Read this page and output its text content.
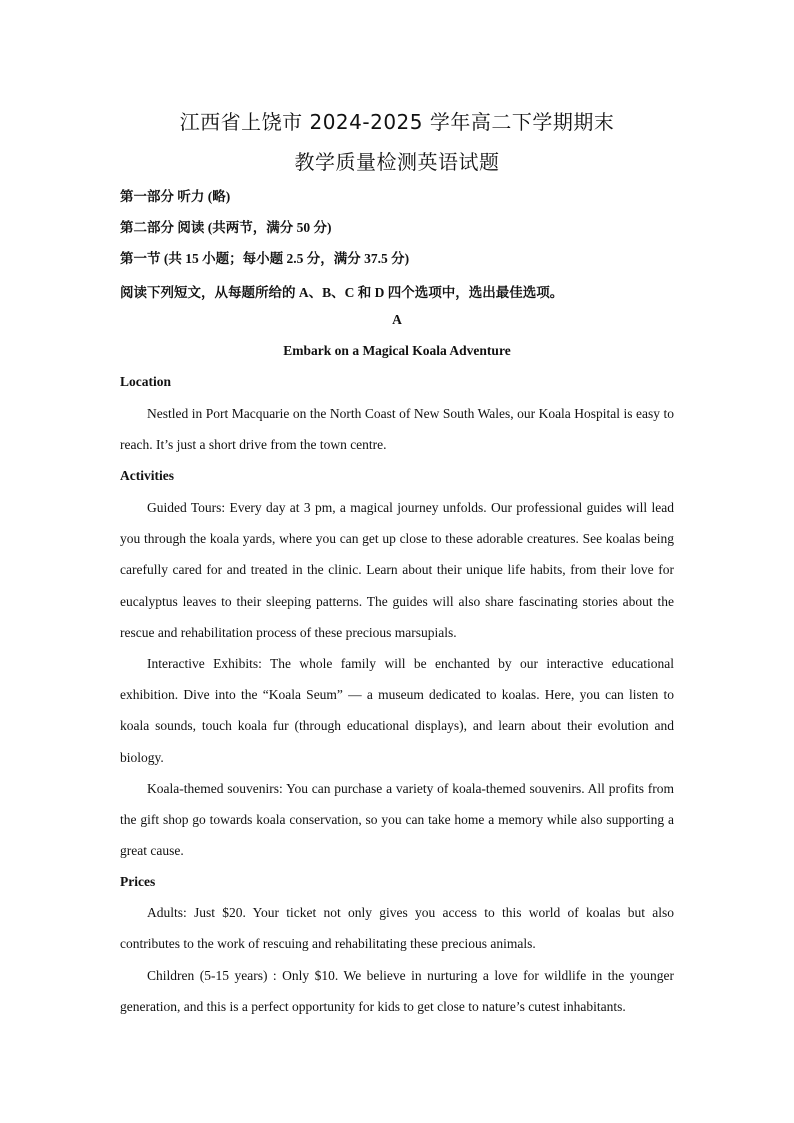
江西省上饶市 2024-2025 学年高二下学期期末
教学质量检测英语试题
第一部分 听力 (略)
第二部分 阅读 (共两节，满分 50 分)
第一节 (共 15 小题；每小题 2.5 分，满分 37.5 分)
阅读下列短文，从每题所给的 A、B、C 和 D 四个选项中，选出最佳选项。
A
Embark on a Magical Koala Adventure
Location
Nestled in Port Macquarie on the North Coast of New South Wales, our Koala Hospital is easy to reach. It’s just a short drive from the town centre.
Activities
Guided Tours: Every day at 3 pm, a magical journey unfolds. Our professional guides will lead you through the koala yards, where you can get up close to these adorable creatures. See koalas being carefully cared for and treated in the clinic. Learn about their unique life habits, from their love for eucalyptus leaves to their sleeping patterns. The guides will also share fascinating stories about the rescue and rehabilitation process of these precious marsupials.
Interactive Exhibits: The whole family will be enchanted by our interactive educational exhibition. Dive into the “Koala Seum” — a museum dedicated to koalas. Here, you can listen to koala sounds, touch koala fur (through educational displays), and learn about their evolution and biology.
Koala-themed souvenirs: You can purchase a variety of koala-themed souvenirs. All profits from the gift shop go towards koala conservation, so you can take home a memory while also supporting a great cause.
Prices
Adults: Just $20. Your ticket not only gives you access to this world of koalas but also contributes to the work of rescuing and rehabilitating these precious animals.
Children (5-15 years) : Only $10. We believe in nurturing a love for wildlife in the younger generation, and this is a perfect opportunity for kids to get close to nature’s cutest inhabitants.
